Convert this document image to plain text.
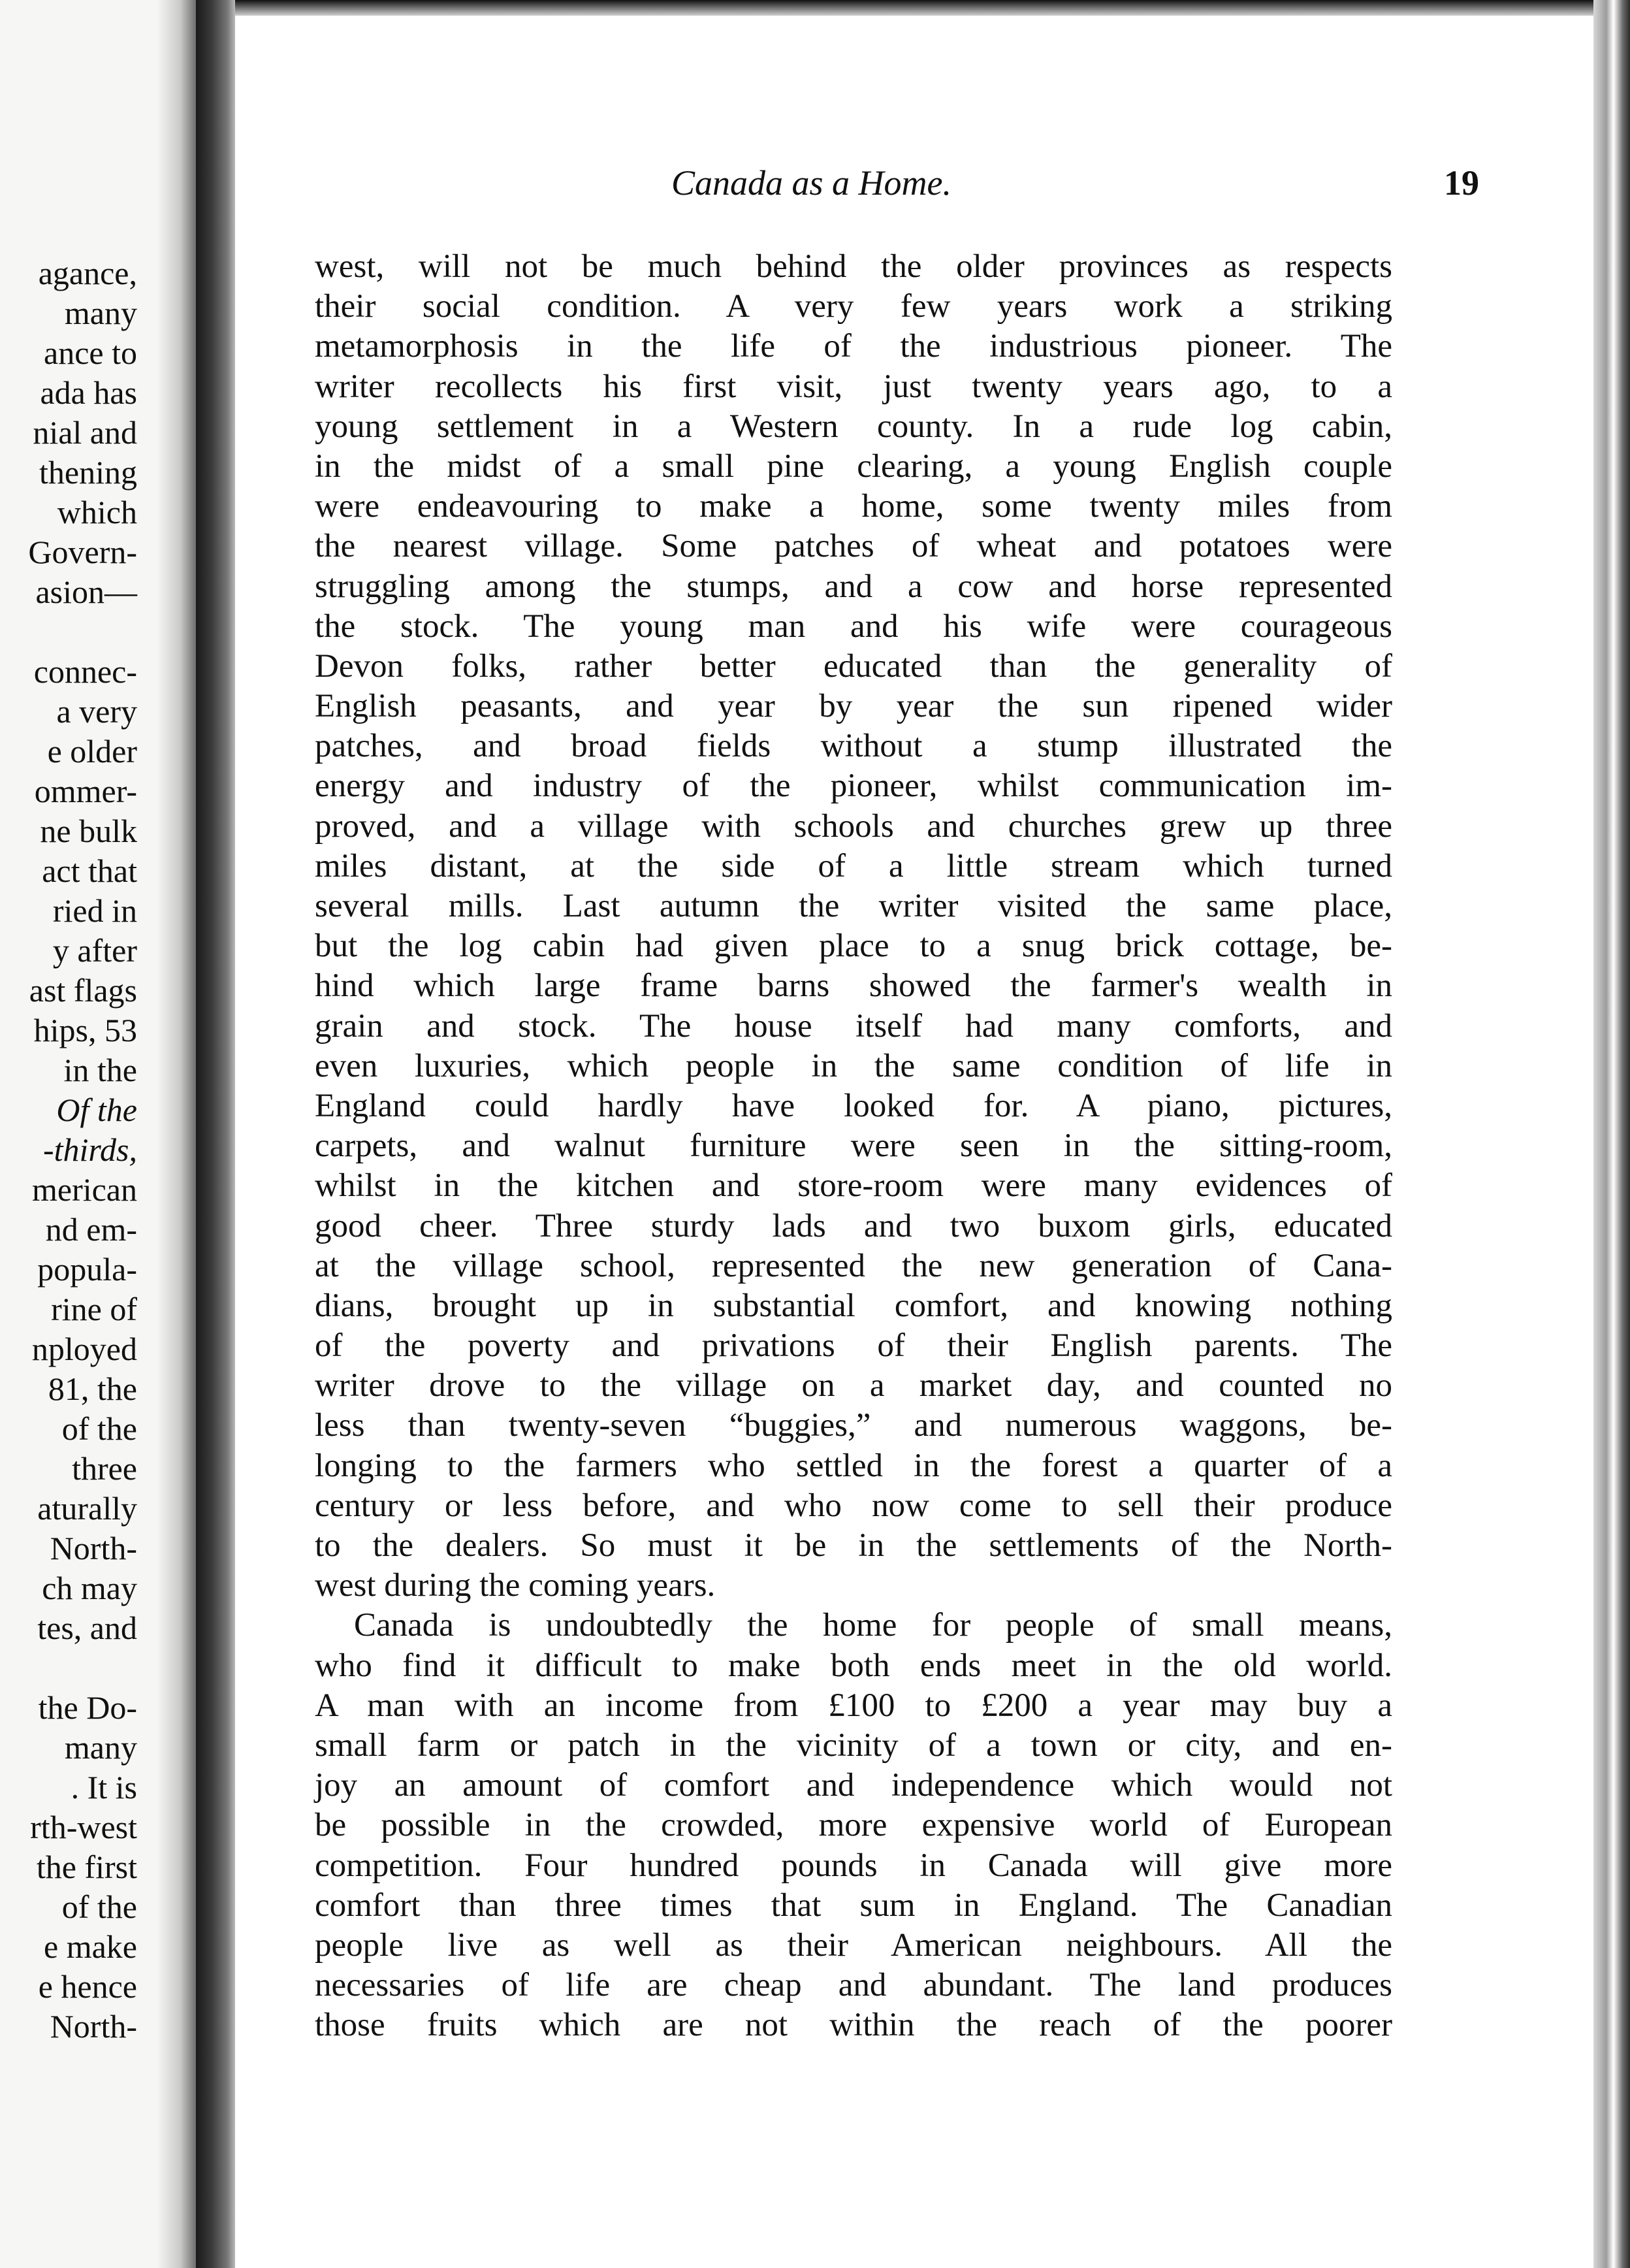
agance,
many
ance to
ada has
nial and
thening
which
Govern-
asion—
connec-
a very
e older
ommer-
ne bulk
act that
ried in
y after
ast flags
hips, 53
in the
Of the
-thirds,
merican
nd em-
popula-
rine of
nployed
81, the
of the
three
aturally
North-
ch may
tes, and
the Do-
many
. It is
rth-west
the first
of the
e make
e hence
North-
Canada as a Home.	19
west, will not be much behind the older provinces as respects
their social condition. A very few years work a striking
metamorphosis in the life of the industrious pioneer. The
writer recollects his first visit, just twenty years ago, to a
young settlement in a Western county. In a rude log cabin,
in the midst of a small pine clearing, a young English couple
were endeavouring to make a home, some twenty miles from
the nearest village. Some patches of wheat and potatoes were
struggling among the stumps, and a cow and horse represented
the stock. The young man and his wife were courageous
Devon folks, rather better educated than the generality of
English peasants, and year by year the sun ripened wider
patches, and broad fields without a stump illustrated the
energy and industry of the pioneer, whilst communication im-
proved, and a village with schools and churches grew up three
miles distant, at the side of a little stream which turned
several mills. Last autumn the writer visited the same place,
but the log cabin had given place to a snug brick cottage, be-
hind which large frame barns showed the farmer's wealth in
grain and stock. The house itself had many comforts, and
even luxuries, which people in the same condition of life in
England could hardly have looked for. A piano, pictures,
carpets, and walnut furniture were seen in the sitting-room,
whilst in the kitchen and store-room were many evidences of
good cheer. Three sturdy lads and two buxom girls, educated
at the village school, represented the new generation of Cana-
dians, brought up in substantial comfort, and knowing nothing
of the poverty and privations of their English parents. The
writer drove to the village on a market day, and counted no
less than twenty-seven “buggies,” and numerous waggons, be-
longing to the farmers who settled in the forest a quarter of a
century or less before, and who now come to sell their produce
to the dealers. So must it be in the settlements of the North-
west during the coming years.
Canada is undoubtedly the home for people of small means,
who find it difficult to make both ends meet in the old world.
A man with an income from £100 to £200 a year may buy a
small farm or patch in the vicinity of a town or city, and en-
joy an amount of comfort and independence which would not
be possible in the crowded, more expensive world of European
competition. Four hundred pounds in Canada will give more
comfort than three times that sum in England. The Canadian
people live as well as their American neighbours. All the
necessaries of life are cheap and abundant. The land produces
those fruits which are not within the reach of the poorer
